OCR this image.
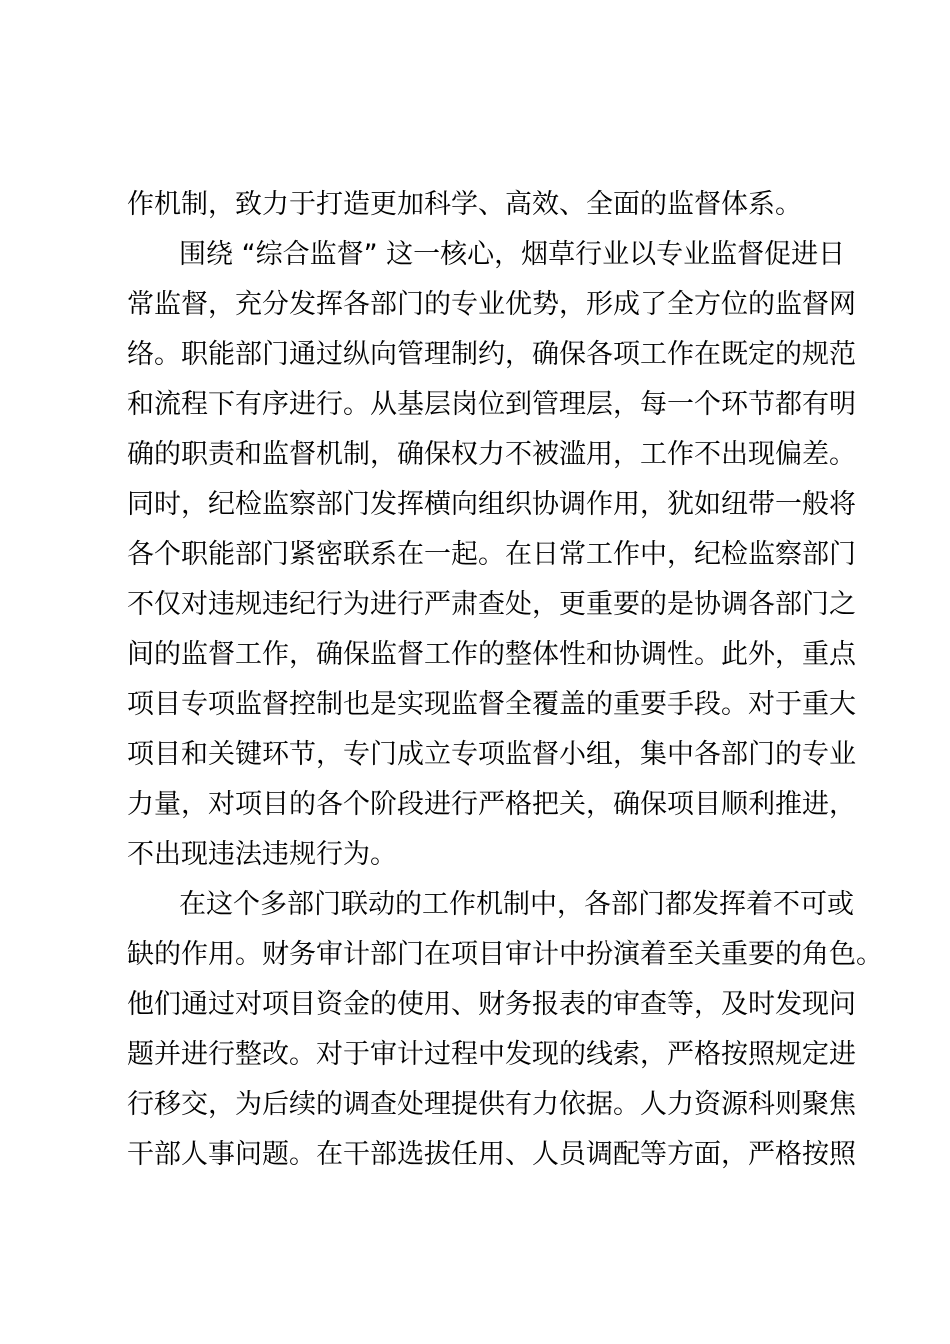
作机制，致力于打造更加科学、高效、全面的监督体系。
围绕 “综合监督” 这一核心，烟草行业以专业监督促进日
常监督，充分发挥各部门的专业优势，形成了全方位的监督网
络。职能部门通过纵向管理制约，确保各项工作在既定的规范
和流程下有序进行。从基层岗位到管理层，每一个环节都有明
确的职责和监督机制，确保权力不被滥用，工作不出现偏差。
同时，纪检监察部门发挥横向组织协调作用，犹如纽带一般将
各个职能部门紧密联系在一起。在日常工作中，纪检监察部门
不仅对违规违纪行为进行严肃查处，更重要的是协调各部门之
间的监督工作，确保监督工作的整体性和协调性。此外，重点
项目专项监督控制也是实现监督全覆盖的重要手段。对于重大
项目和关键环节，专门成立专项监督小组，集中各部门的专业
力量，对项目的各个阶段进行严格把关，确保项目顺利推进，
不出现违法违规行为。
在这个多部门联动的工作机制中，各部门都发挥着不可或
缺的作用。财务审计部门在项目审计中扮演着至关重要的角色。
他们通过对项目资金的使用、财务报表的审查等，及时发现问
题并进行整改。对于审计过程中发现的线索，严格按照规定进
行移交，为后续的调查处理提供有力依据。人力资源科则聚焦
干部人事问题。在干部选拔任用、人员调配等方面，严格按照
